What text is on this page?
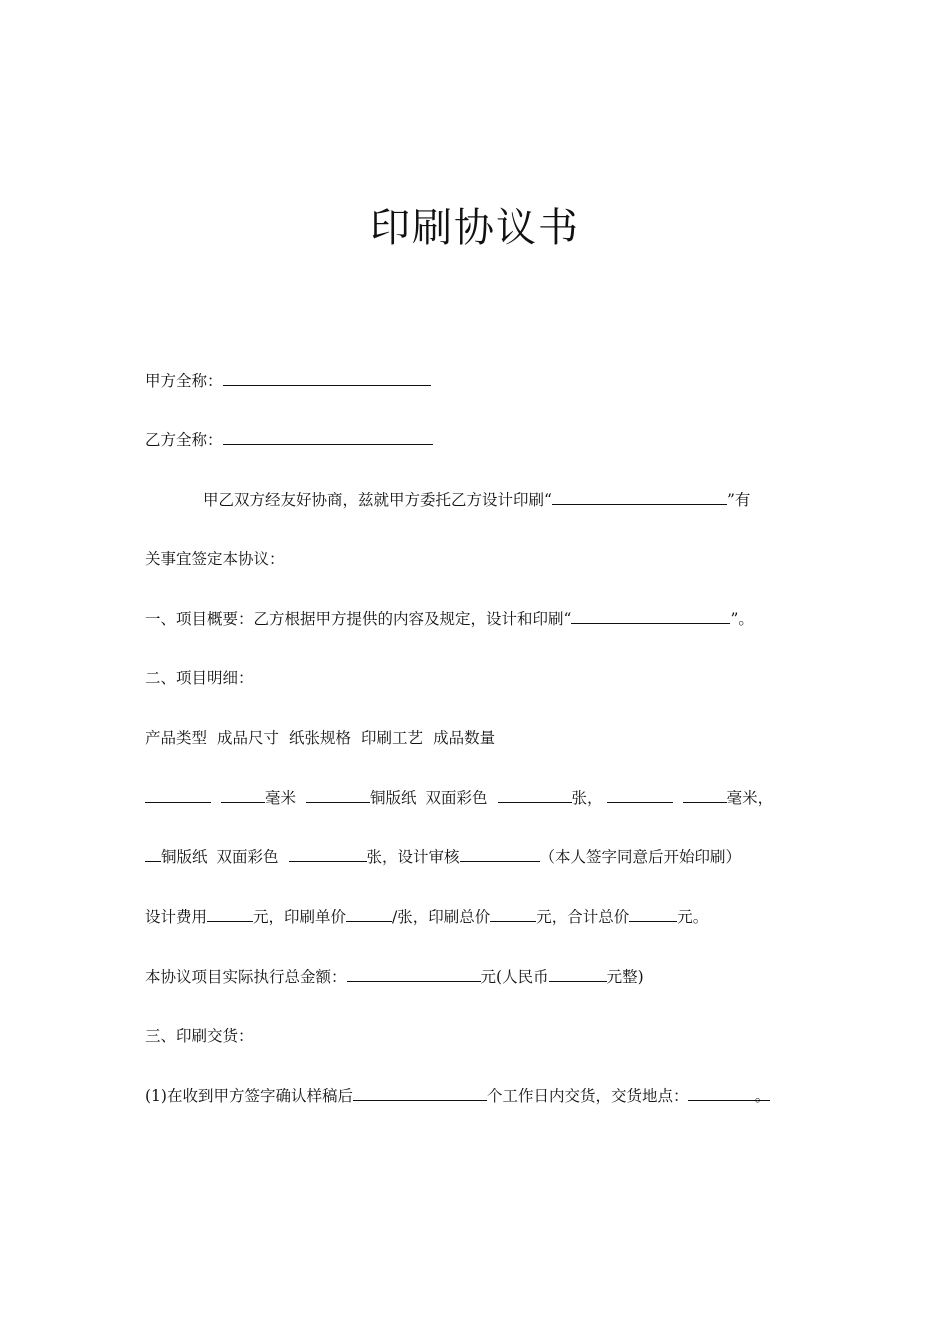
印刷协议书
甲方全称：
乙方全称：
甲乙双方经友好协商，兹就甲方委托乙方设计印刷“	”有
关事宜签定本协议：
一、项目概要：乙方根据甲方提供的内容及规定，设计和印刷“	”。
二、项目明细：
产品类型 成品尺寸 纸张规格 印刷工艺 成品数量
毫米	铜版纸 双面彩色	张，	毫米，
铜版纸 双面彩色	张，设计审核	（本人签字同意后开始印刷）
设计费用	元，印刷单价	/张，印刷总价	元，合计总价	元。
本协议项目实际执行总金额：	元(人民币	元整)
三、印刷交货：
(1)在收到甲方签字确认样稿后	个工作日内交货，交货地点：	。
